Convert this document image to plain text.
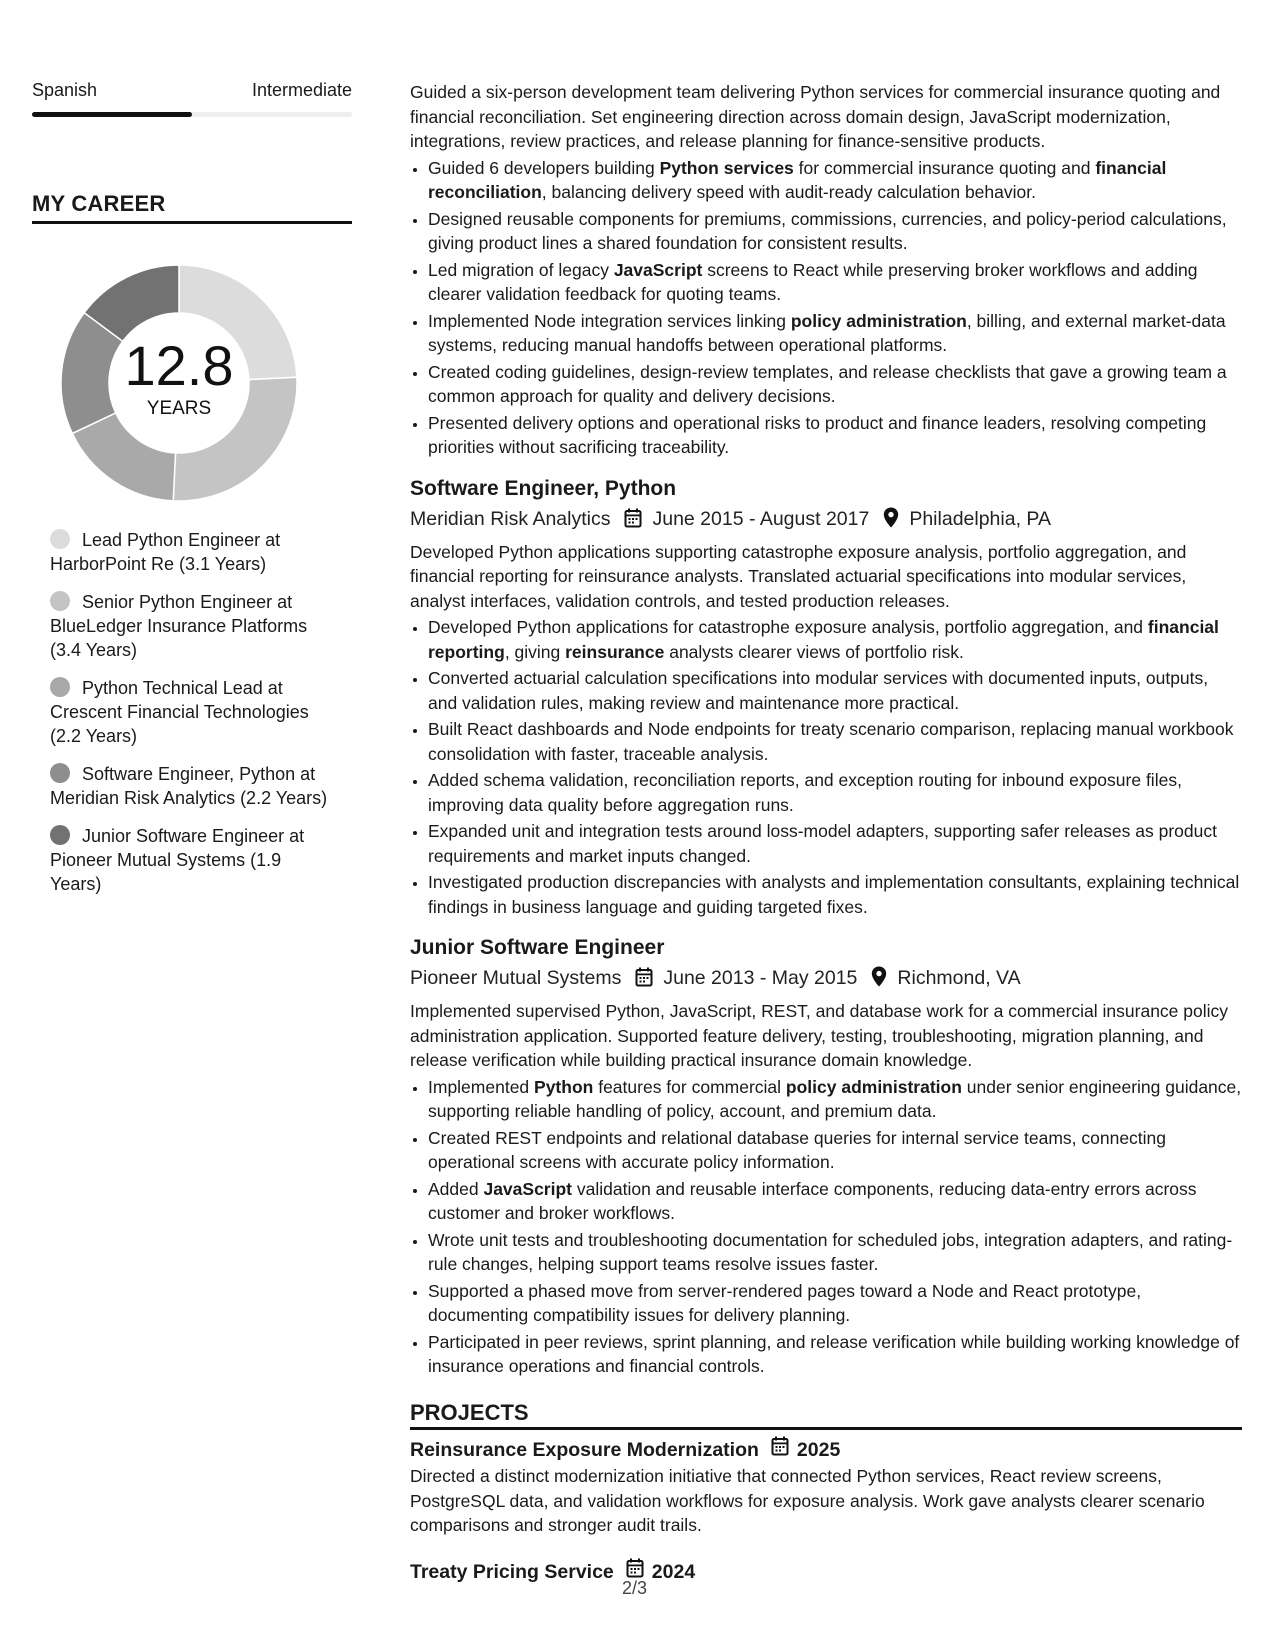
Spanish	Intermediate
MY CAREER
12.8
YEARS
Lead Python Engineer at HarborPoint Re (3.1 Years)
Senior Python Engineer at BlueLedger Insurance Platforms (3.4 Years)
Python Technical Lead at Crescent Financial Technologies (2.2 Years)
Software Engineer, Python at Meridian Risk Analytics (2.2 Years)
Junior Software Engineer at Pioneer Mutual Systems (1.9 Years)

Guided a six-person development team delivering Python services for commercial insurance quoting and financial reconciliation. Set engineering direction across domain design, JavaScript modernization, integrations, review practices, and release planning for finance-sensitive products.

• Guided 6 developers building Python services for commercial insurance quoting and financial reconciliation, balancing delivery speed with audit-ready calculation behavior.
• Designed reusable components for premiums, commissions, currencies, and policy-period calculations, giving product lines a shared foundation for consistent results.
• Led migration of legacy JavaScript screens to React while preserving broker workflows and adding clearer validation feedback for quoting teams.
• Implemented Node integration services linking policy administration, billing, and external market-data systems, reducing manual handoffs between operational platforms.
• Created coding guidelines, design-review templates, and release checklists that gave a growing team a common approach for quality and delivery decisions.
• Presented delivery options and operational risks to product and finance leaders, resolving competing priorities without sacrificing traceability.
Software Engineer, Python
Meridian Risk Analytics June 2015 - August 2017 Philadelphia, PA

Developed Python applications supporting catastrophe exposure analysis, portfolio aggregation, and financial reporting for reinsurance analysts. Translated actuarial specifications into modular services, analyst interfaces, validation controls, and tested production releases.

• Developed Python applications for catastrophe exposure analysis, portfolio aggregation, and financial reporting, giving reinsurance analysts clearer views of portfolio risk.
• Converted actuarial calculation specifications into modular services with documented inputs, outputs, and validation rules, making review and maintenance more practical.
• Built React dashboards and Node endpoints for treaty scenario comparison, replacing manual workbook consolidation with faster, traceable analysis.
• Added schema validation, reconciliation reports, and exception routing for inbound exposure files, improving data quality before aggregation runs.
• Expanded unit and integration tests around loss-model adapters, supporting safer releases as product requirements and market inputs changed.
• Investigated production discrepancies with analysts and implementation consultants, explaining technical findings in business language and guiding targeted fixes.
Junior Software Engineer
Pioneer Mutual Systems June 2013 - May 2015 Richmond, VA

Implemented supervised Python, JavaScript, REST, and database work for a commercial insurance policy administration application. Supported feature delivery, testing, troubleshooting, migration planning, and release verification while building practical insurance domain knowledge.

• Implemented Python features for commercial policy administration under senior engineering guidance, supporting reliable handling of policy, account, and premium data.
• Created REST endpoints and relational database queries for internal service teams, connecting operational screens with accurate policy information.
• Added JavaScript validation and reusable interface components, reducing data-entry errors across customer and broker workflows.
• Wrote unit tests and troubleshooting documentation for scheduled jobs, integration adapters, and rating-rule changes, helping support teams resolve issues faster.
• Supported a phased move from server-rendered pages toward a Node and React prototype, documenting compatibility issues for delivery planning.
• Participated in peer reviews, sprint planning, and release verification while building working knowledge of insurance operations and financial controls.
PROJECTS
Reinsurance Exposure Modernization 2025

Directed a distinct modernization initiative that connected Python services, React review screens, PostgreSQL data, and validation workflows for exposure analysis. Work gave analysts clearer scenario comparisons and stronger audit trails.

Treaty Pricing Service 2024
2/3
